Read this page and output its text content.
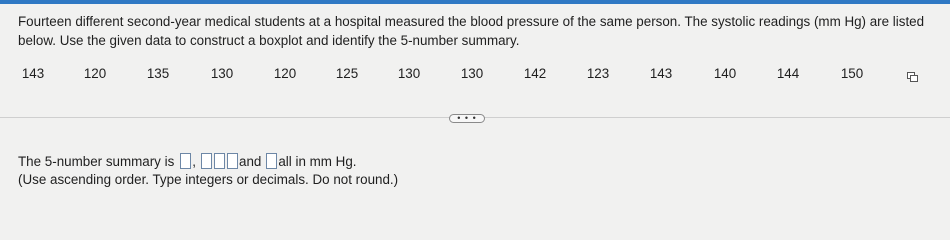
Fourteen different second-year medical students at a hospital measured the blood pressure of the same person. The systolic readings (mm Hg) are listed below. Use the given data to construct a boxplot and identify the 5-number summary.
143	120	135	130	120	125	130	130	142	123	143	140	144	150
• • •
The 5-number summary is ,	and all in mm Hg.
(Use ascending order. Type integers or decimals. Do not round.)
